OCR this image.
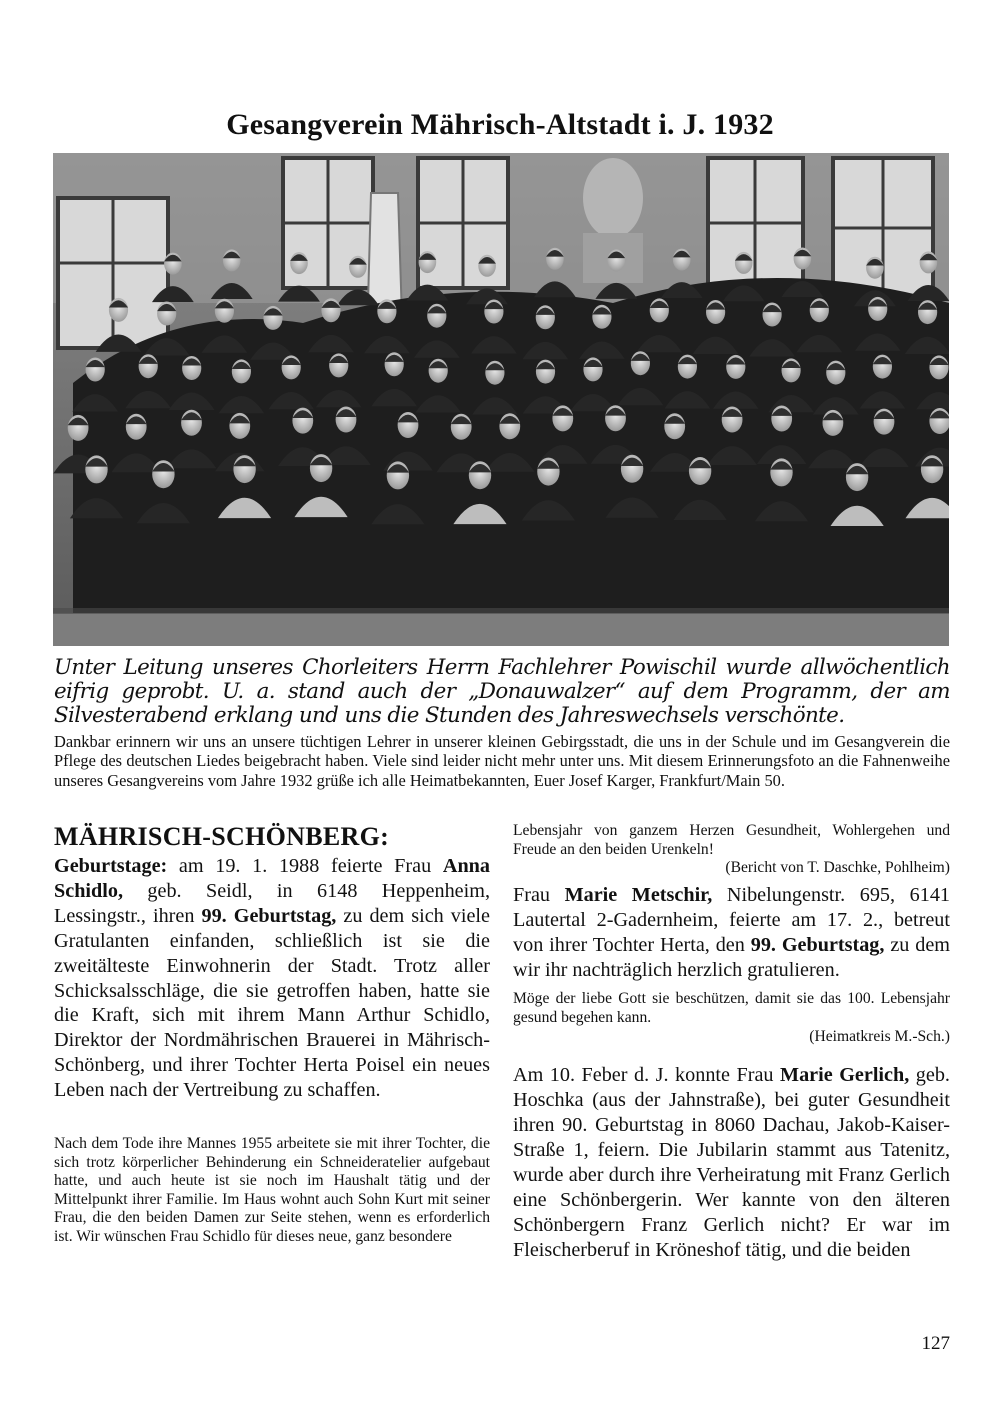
Gesangverein Mährisch-Altstadt i. J. 1932

Unter Leitung unseres Chorleiters Herrn Fachlehrer Powischil wurde allwöchentlich eifrig geprobt. U. a. stand auch der „Donauwalzer“ auf dem Programm, der am Silvesterabend erklang und uns die Stunden des Jahreswechsels verschönte.

Dankbar erinnern wir uns an unsere tüchtigen Lehrer in unserer kleinen Gebirgsstadt, die uns in der Schule und im Gesangverein die Pflege des deutschen Liedes beigebracht haben. Viele sind leider nicht mehr unter uns. Mit diesem Erinnerungsfoto an die Fahnenweihe unseres Gesangvereins vom Jahre 1932 grüße ich alle Heimatbekannten, Euer Josef Karger, Frankfurt/Main 50.

MÄHRISCH-SCHÖNBERG:

Geburtstage: am 19. 1. 1988 feierte Frau Anna Schidlo, geb. Seidl, in 6148 Heppenheim, Lessingstr., ihren 99. Geburtstag, zu dem sich viele Gratulanten einfanden, schließlich ist sie die zweitälteste Einwohnerin der Stadt. Trotz aller Schicksalsschläge, die sie getroffen haben, hatte sie die Kraft, sich mit ihrem Mann Arthur Schidlo, Direktor der Nordmährischen Brauerei in Mährisch-Schönberg, und ihrer Tochter Herta Poisel ein neues Leben nach der Vertreibung zu schaffen.

Nach dem Tode ihre Mannes 1955 arbeitete sie mit ihrer Tochter, die sich trotz körperlicher Behinderung ein Schneideratelier aufgebaut hatte, und auch heute ist sie noch im Haushalt tätig und der Mittelpunkt ihrer Familie. Im Haus wohnt auch Sohn Kurt mit seiner Frau, die den beiden Damen zur Seite stehen, wenn es erforderlich ist. Wir wünschen Frau Schidlo für dieses neue, ganz besondere

Lebensjahr von ganzem Herzen Gesundheit, Wohlergehen und Freude an den beiden Urenkeln!

(Bericht von T. Daschke, Pohlheim)

Frau Marie Metschir, Nibelungenstr. 695, 6141 Lautertal 2-Gadernheim, feierte am 17. 2., betreut von ihrer Tochter Herta, den 99. Geburtstag, zu dem wir ihr nachträglich herzlich gratulieren.

Möge der liebe Gott sie beschützen, damit sie das 100. Lebensjahr gesund begehen kann.

(Heimatkreis M.-Sch.)

Am 10. Feber d. J. konnte Frau Marie Gerlich, geb. Hoschka (aus der Jahnstraße), bei guter Gesundheit ihren 90. Geburtstag in 8060 Dachau, Jakob-Kaiser-Straße 1, feiern. Die Jubilarin stammt aus Tatenitz, wurde aber durch ihre Verheiratung mit Franz Gerlich eine Schönbergerin. Wer kannte von den älteren Schönbergern Franz Gerlich nicht? Er war im Fleischerberuf in Kröneshof tätig, und die beiden

127
